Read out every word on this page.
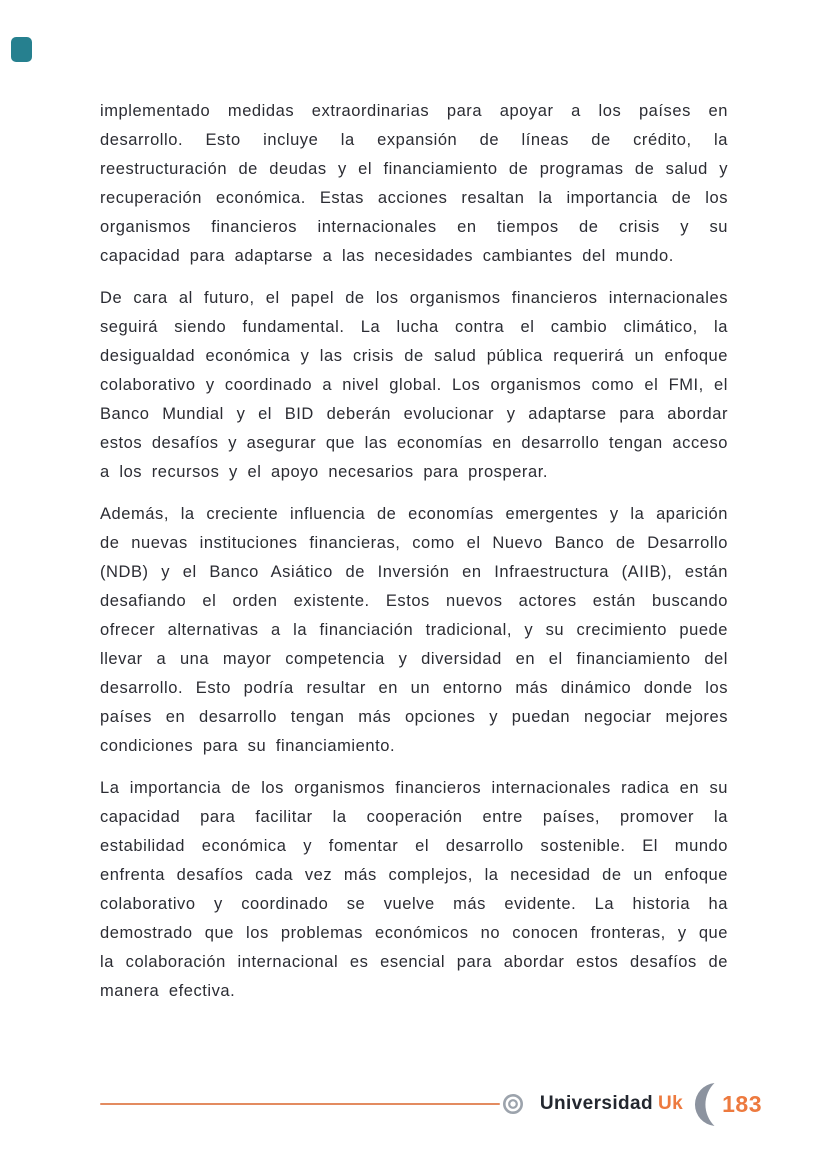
implementado medidas extraordinarias para apoyar a los países en desarrollo. Esto incluye la expansión de líneas de crédito, la reestructuración de deudas y el financiamiento de programas de salud y recuperación económica. Estas acciones resaltan la importancia de los organismos financieros internacionales en tiempos de crisis y su capacidad para adaptarse a las necesidades cambiantes del mundo.

De cara al futuro, el papel de los organismos financieros internacionales seguirá siendo fundamental. La lucha contra el cambio climático, la desigualdad económica y las crisis de salud pública requerirá un enfoque colaborativo y coordinado a nivel global. Los organismos como el FMI, el Banco Mundial y el BID deberán evolucionar y adaptarse para abordar estos desafíos y asegurar que las economías en desarrollo tengan acceso a los recursos y el apoyo necesarios para prosperar.

Además, la creciente influencia de economías emergentes y la aparición de nuevas instituciones financieras, como el Nuevo Banco de Desarrollo (NDB) y el Banco Asiático de Inversión en Infraestructura (AIIB), están desafiando el orden existente. Estos nuevos actores están buscando ofrecer alternativas a la financiación tradicional, y su crecimiento puede llevar a una mayor competencia y diversidad en el financiamiento del desarrollo. Esto podría resultar en un entorno más dinámico donde los países en desarrollo tengan más opciones y puedan negociar mejores condiciones para su financiamiento.

La importancia de los organismos financieros internacionales radica en su capacidad para facilitar la cooperación entre países, promover la estabilidad económica y fomentar el desarrollo sostenible. El mundo enfrenta desafíos cada vez más complejos, la necesidad de un enfoque colaborativo y coordinado se vuelve más evidente. La historia ha demostrado que los problemas económicos no conocen fronteras, y que la colaboración internacional es esencial para abordar estos desafíos de manera efectiva.

Universidad Uk 183
